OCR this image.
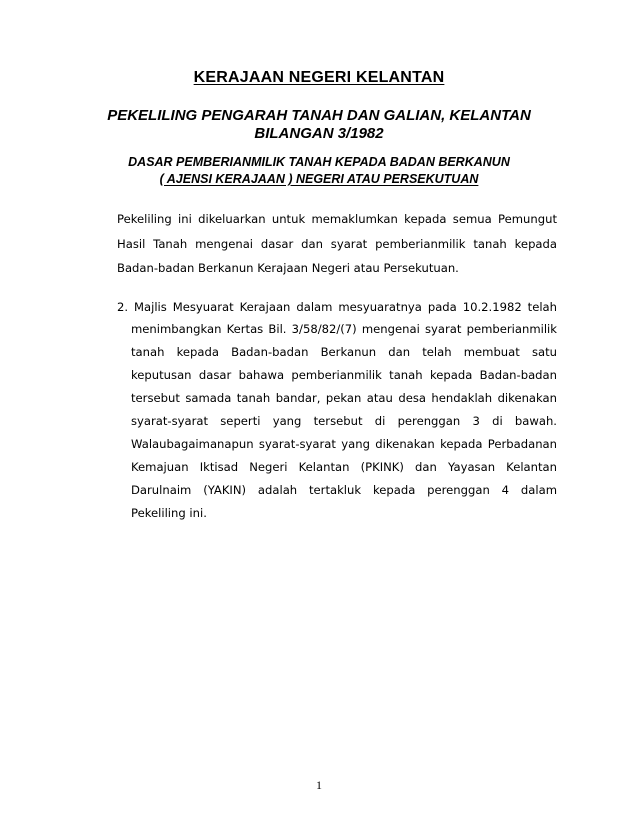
KERAJAAN NEGERI KELANTAN
PEKELILING PENGARAH TANAH DAN GALIAN, KELANTAN
BILANGAN 3/1982
DASAR PEMBERIANMILIK TANAH KEPADA BADAN BERKANUN
( AJENSI KERAJAAN ) NEGERI ATAU PERSEKUTUAN
Pekeliling ini dikeluarkan untuk memaklumkan kepada semua Pemungut
Hasil Tanah mengenai dasar dan syarat pemberianmilik tanah kepada
Badan-badan Berkanun Kerajaan Negeri atau Persekutuan.
2. Majlis Mesyuarat Kerajaan dalam mesyuaratnya pada 10.2.1982 telah
menimbangkan Kertas Bil. 3/58/82/(7) mengenai syarat pemberianmilik
tanah kepada Badan-badan Berkanun dan telah membuat satu
keputusan dasar bahawa pemberianmilik tanah kepada Badan-badan
tersebut samada tanah bandar, pekan atau desa hendaklah dikenakan
syarat-syarat seperti yang tersebut di perenggan 3 di bawah.
Walaubagaimanapun syarat-syarat yang dikenakan kepada Perbadanan
Kemajuan Iktisad Negeri Kelantan (PKINK) dan Yayasan Kelantan
Darulnaim (YAKIN) adalah tertakluk kepada perenggan 4 dalam
Pekeliling ini.
1
